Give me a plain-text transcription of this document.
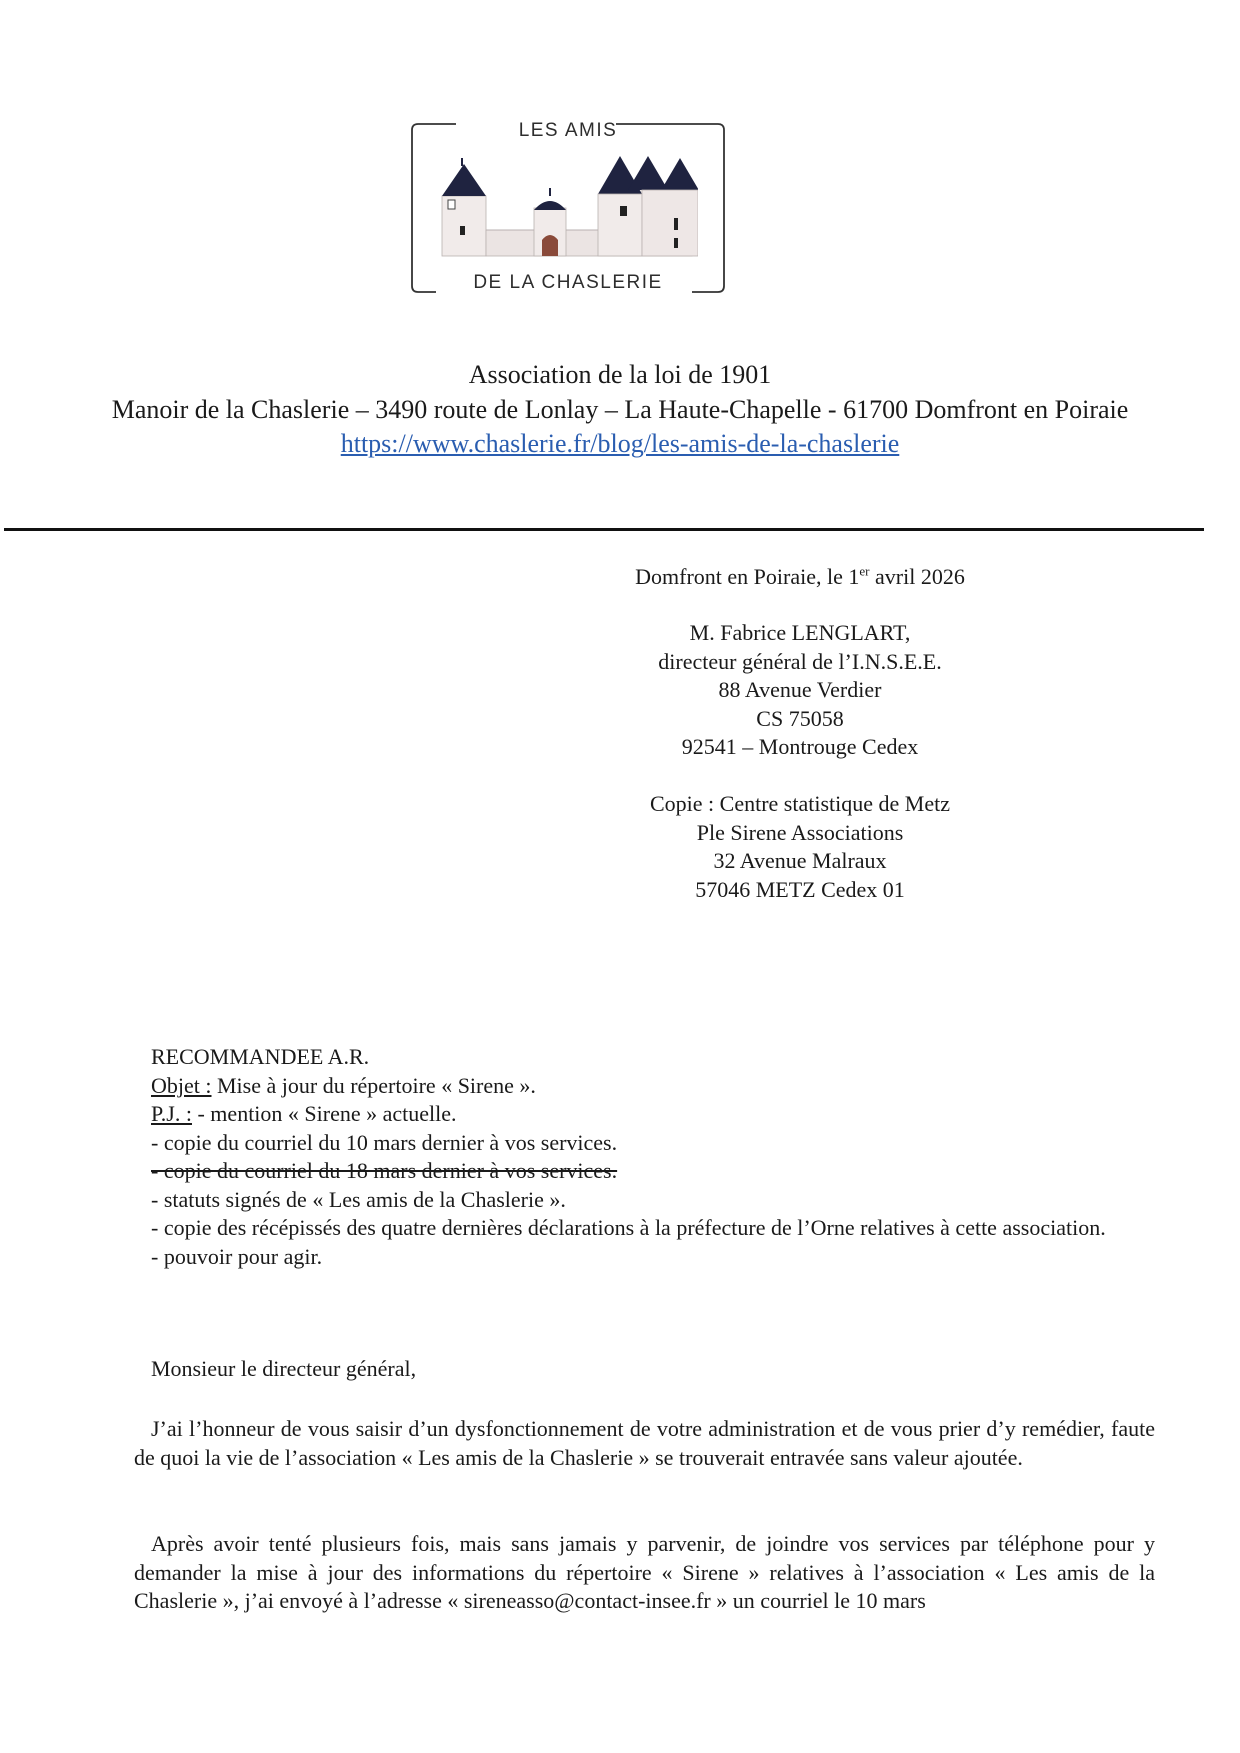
LES AMIS
DE LA CHASLERIE
Association de la loi de 1901
Manoir de la Chaslerie – 3490 route de Lonlay – La Haute-Chapelle - 61700 Domfront en Poiraie
https://www.chaslerie.fr/blog/les-amis-de-la-chaslerie
Domfront en Poiraie, le 1er avril 2026
M. Fabrice LENGLART,
directeur général de l’I.N.S.E.E.
88 Avenue Verdier
CS 75058
92541 – Montrouge Cedex
Copie : Centre statistique de Metz
Ple Sirene Associations
32 Avenue Malraux
57046 METZ Cedex 01
RECOMMANDEE A.R.
Objet : Mise à jour du répertoire « Sirene ».
P.J. : - mention « Sirene » actuelle.
- copie du courriel du 10 mars dernier à vos services.
- copie du courriel du 18 mars dernier à vos services.
- statuts signés de « Les amis de la Chaslerie ».
- copie des récépissés des quatre dernières déclarations à la préfecture de l’Orne relatives à cette association.
- pouvoir pour agir.
Monsieur le directeur général,
J’ai l’honneur de vous saisir d’un dysfonctionnement de votre administration et de vous prier d’y remédier, faute de quoi la vie de l’association « Les amis de la Chaslerie » se trouverait entravée sans valeur ajoutée.
Après avoir tenté plusieurs fois, mais sans jamais y parvenir, de joindre vos services par téléphone pour y demander la mise à jour des informations du répertoire « Sirene » relatives à l’association « Les amis de la Chaslerie », j’ai envoyé à l’adresse « sireneasso@contact-insee.fr » un courriel le 10 mars
